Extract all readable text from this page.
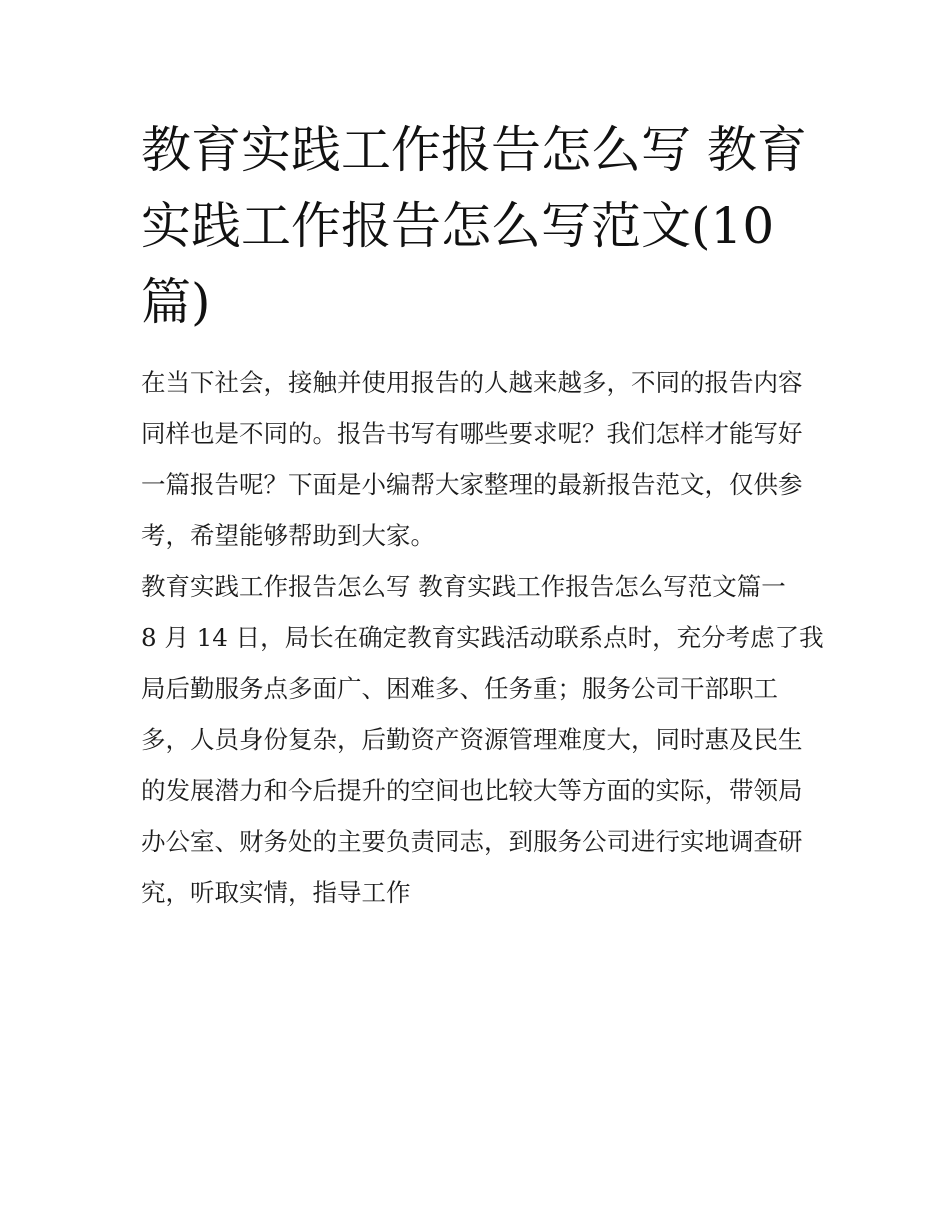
教育实践工作报告怎么写 教育
实践工作报告怎么写范文(10
篇)

在当下社会，接触并使用报告的人越来越多，不同的报告内容
同样也是不同的。报告书写有哪些要求呢？我们怎样才能写好
一篇报告呢？下面是小编帮大家整理的最新报告范文，仅供参
考，希望能够帮助到大家。

教育实践工作报告怎么写 教育实践工作报告怎么写范文篇一

8 月 14 日，局长在确定教育实践活动联系点时，充分考虑了我
局后勤服务点多面广、困难多、任务重；服务公司干部职工
多，人员身份复杂，后勤资产资源管理难度大，同时惠及民生
的发展潜力和今后提升的空间也比较大等方面的实际，带领局
办公室、财务处的主要负责同志，到服务公司进行实地调查研
究，听取实情，指导工作
